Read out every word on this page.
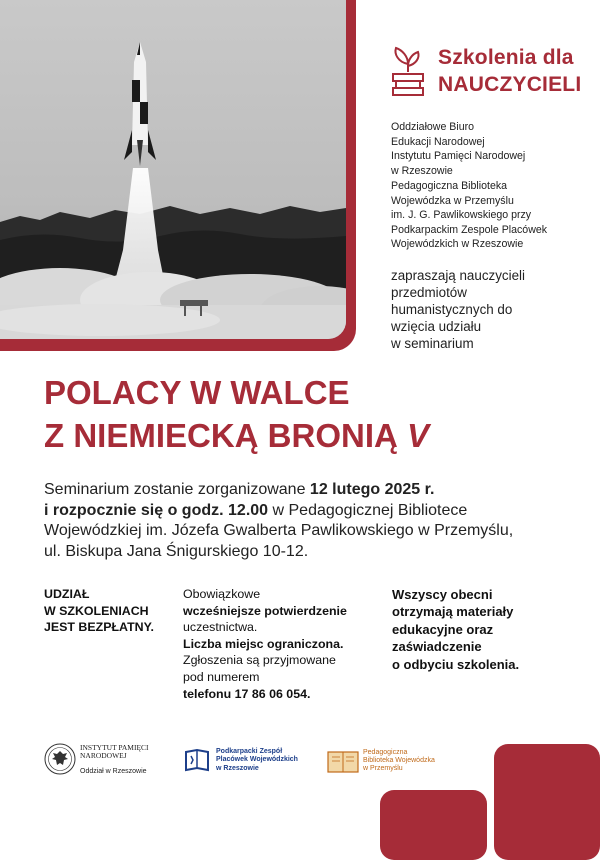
Szkolenia dla
NAUCZYCIELI
Oddziałowe Biuro
Edukacji Narodowej
Instytutu Pamięci Narodowej
w Rzeszowie
Pedagogiczna Biblioteka
Wojewódzka w Przemyślu
im. J. G. Pawlikowskiego przy
Podkarpackim Zespole Placówek
Wojewódzkich w Rzeszowie
zapraszają nauczycieli
przedmiotów
humanistycznych do
wzięcia udziału
w seminarium
POLACY W WALCE
Z NIEMIECKĄ BRONIĄ V
Seminarium zostanie zorganizowane 12 lutego 2025 r.
i rozpocznie się o godz. 12.00 w Pedagogicznej Bibliotece
Wojewódzkiej im. Józefa Gwalberta Pawlikowskiego w Przemyślu,
ul. Biskupa Jana Śnigurskiego 10-12.
UDZIAŁ
W SZKOLENIACH
JEST BEZPŁATNY.
Obowiązkowe
wcześniejsze potwierdzenie
uczestnictwa.
Liczba miejsc ograniczona.
Zgłoszenia są przyjmowane
pod numerem
telefonu 17 86 06 054.
Wszyscy obecni
otrzymają materiały
edukacyjne oraz
zaświadczenie
o odbyciu szkolenia.
INSTYTUT PAMIĘCI
NARODOWEJ
Oddział w Rzeszowie
Podkarpacki Zespół
Placówek Wojewódzkich
w Rzeszowie
Pedagogiczna
Biblioteka Wojewódzka
w Przemyślu
